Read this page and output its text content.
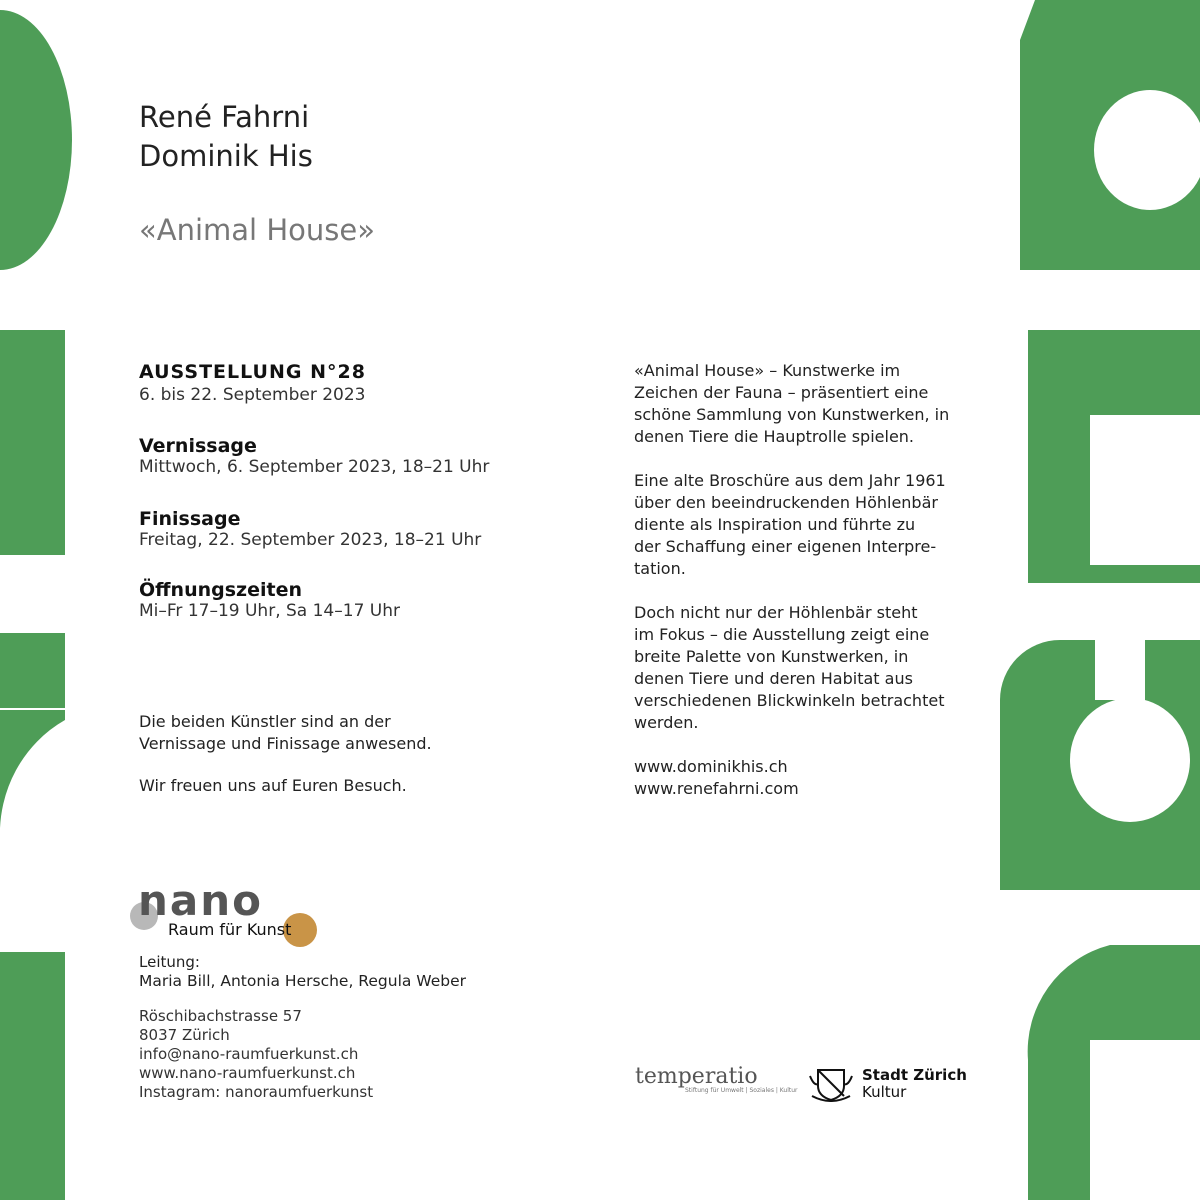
René Fahrni
Dominik His
«Animal House»
AUSSTELLUNG N°28
6. bis 22. September 2023
Vernissage
Mittwoch, 6. September 2023, 18–21 Uhr
Finissage
Freitag, 22. September 2023, 18–21 Uhr
Öffnungszeiten
Mi–Fr 17–19 Uhr, Sa 14–17 Uhr
Die beiden Künstler sind an der
Vernissage und Finissage anwesend.
Wir freuen uns auf Euren Besuch.
«Animal House» – Kunstwerke im
Zeichen der Fauna – präsentiert eine
schöne Sammlung von Kunstwerken, in
denen Tiere die Hauptrolle spielen.
Eine alte Broschüre aus dem Jahr 1961
über den beeindruckenden Höhlenbär
diente als Inspiration und führte zu
der Schaffung einer eigenen Interpre-
tation.
Doch nicht nur der Höhlenbär steht
im Fokus – die Ausstellung zeigt eine
breite Palette von Kunstwerken, in
denen Tiere und deren Habitat aus
verschiedenen Blickwinkeln betrachtet
werden.
www.dominikhis.ch
www.renefahrni.com
nano
Raum für Kunst
Leitung:
Maria Bill, Antonia Hersche, Regula Weber
Röschibachstrasse 57
8037 Zürich
info@nano-raumfuerkunst.ch
www.nano-raumfuerkunst.ch
Instagram: nanoraumfuerkunst
temperatio
Stiftung für Umwelt | Soziales | Kultur
Stadt Zürich
Kultur
